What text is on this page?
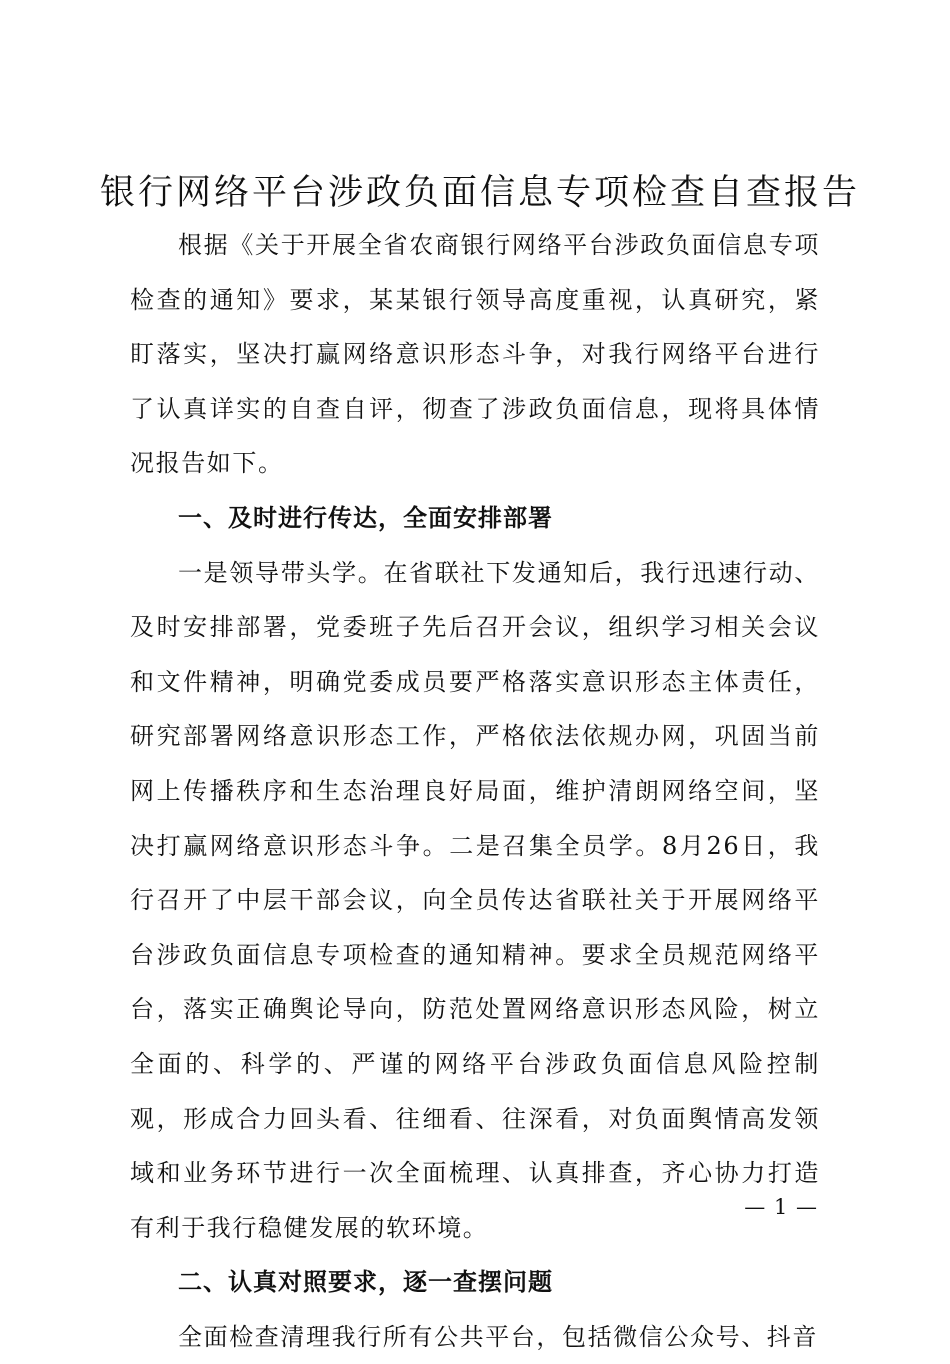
银行网络平台涉政负面信息专项检查自查报告

根据《关于开展全省农商银行网络平台涉政负面信息专项检查的通知》要求，某某银行领导高度重视，认真研究，紧盯落实，坚决打赢网络意识形态斗争，对我行网络平台进行了认真详实的自查自评，彻查了涉政负面信息，现将具体情况报告如下。

一、及时进行传达，全面安排部署

一是领导带头学。在省联社下发通知后，我行迅速行动、及时安排部署，党委班子先后召开会议，组织学习相关会议和文件精神，明确党委成员要严格落实意识形态主体责任，研究部署网络意识形态工作，严格依法依规办网，巩固当前网上传播秩序和生态治理良好局面，维护清朗网络空间，坚决打赢网络意识形态斗争。二是召集全员学。8月26日，我行召开了中层干部会议，向全员传达省联社关于开展网络平台涉政负面信息专项检查的通知精神。要求全员规范网络平台，落实正确舆论导向，防范处置网络意识形态风险，树立全面的、科学的、严谨的网络平台涉政负面信息风险控制观，形成合力回头看、往细看、往深看，对负面舆情高发领域和业务环节进行一次全面梳理、认真排查，齐心协力打造有利于我行稳健发展的软环境。

二、认真对照要求，逐一查摆问题

全面检查清理我行所有公共平台，包括微信公众号、抖音

— 1 —
